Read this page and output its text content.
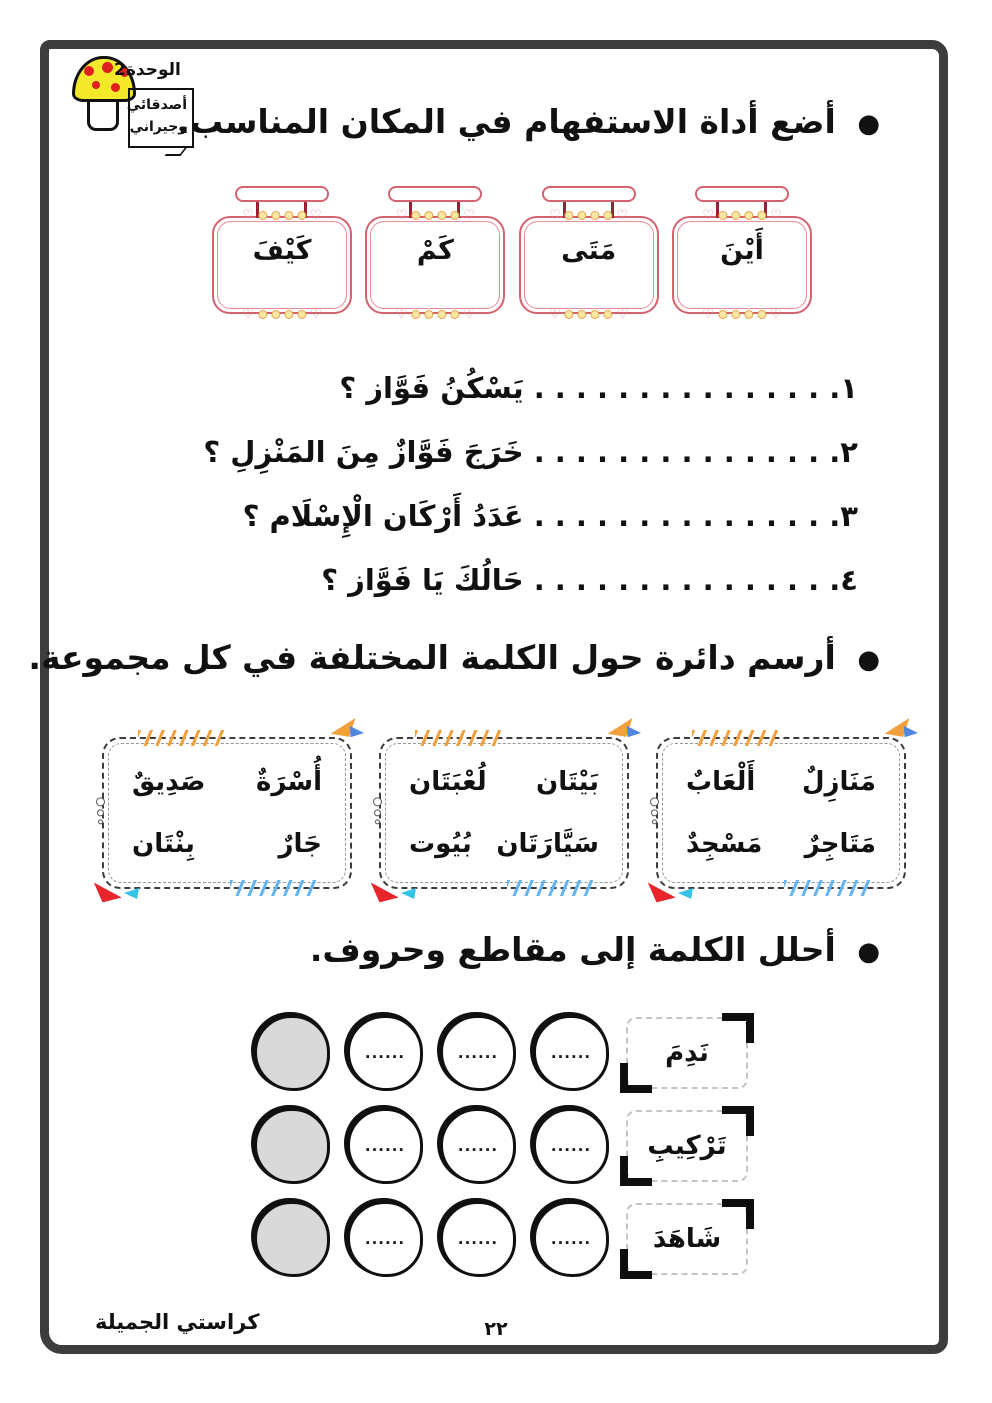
الوحدة2
أصدقائي
وجيراني	● أضع أداة الاستفهام في المكان المناسب.
♡
♡
أَيْنَ
♡
♡
♡
♡
مَتَى
♡
♡
♡
♡
كَمْ
♡
♡
♡
♡
كَيْفَ
♡
♡
١. . . . . . . . . . . . . . . يَسْكُنُ فَوَّاز ؟
٢. . . . . . . . . . . . . . . خَرَجَ فَوَّازٌ مِنَ المَنْزِلِ ؟
٣. . . . . . . . . . . . . . . عَدَدُ أَرْكَان الْإِسْلَام ؟
٤. . . . . . . . . . . . . . . حَالُكَ يَا فَوَّاز ؟
● أرسم دائرة حول الكلمة المختلفة في كل مجموعة.
مَنَازِلٌ
أَلْعَابٌ
مَتَاجِرٌ
مَسْجِدٌ
بَيْتَان
لُعْبَتَان
سَيَّارَتَان
بُيُوت
أُسْرَةٌ
صَدِيقٌ
جَارٌ
بِنْتَان
● أحلل الكلمة إلى مقاطع وحروف.
نَدِمَ
......
......
......
تَرْكِيبِ
......
......
......
شَاهَدَ
......
......
......
كراستي الجميلة	٢٢
